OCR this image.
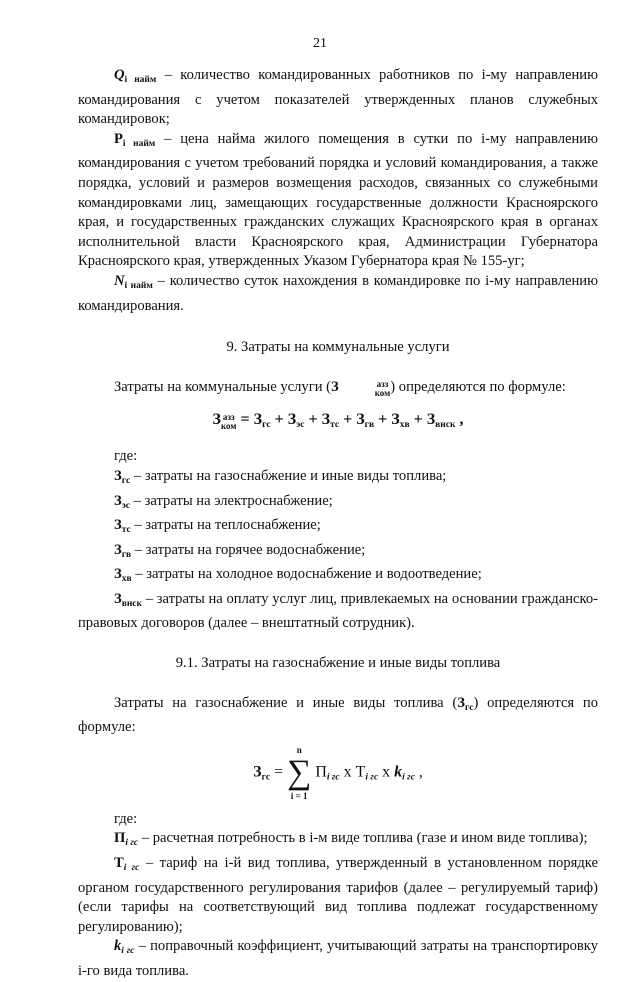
21

$Q_{i найм}$ – количество командированных работников по i-му направлению командирования с учетом показателей утвержденных планов служебных командировок;

$P_{i найм}$ – цена найма жилого помещения в сутки по i-му направлению командирования с учетом требований порядка и условий командирования, а также порядка, условий и размеров возмещения расходов, связанных со служебными командировками лиц, замещающих государственные должности Красноярского края, и государственных гражданских служащих Красноярского края в органах исполнительной власти Красноярского края, Администрации Губернатора Красноярского края, утвержденных Указом Губернатора края № 155-уг;

$N_{i найм}$ – количество суток нахождения в командировке по i-му направлению командирования.

9. Затраты на коммунальные услуги

Затраты на коммунальные услуги (З	азз
ком ) определяются по формуле:

З азз
ком = $З_{гс} + З_{эс} + З_{тс} + З_{гв} + З_{хв} + З_{внск}$ ,

где:

$З_{гс}$ – затраты на газоснабжение и иные виды топлива;

$З_{эс}$ – затраты на электроснабжение;

$З_{тс}$ – затраты на теплоснабжение;

$З_{гв}$ – затраты на горячее водоснабжение;

$З_{хв}$ – затраты на холодное водоснабжение и водоотведение;

$З_{внск}$ – затраты на оплату услуг лиц, привлекаемых на основании гражданско-правовых договоров (далее – внештатный сотрудник).

9.1. Затраты на газоснабжение и иные виды топлива

Затраты на газоснабжение и иные виды топлива $(З_{гс})$ определяются по формуле:

$З_{гс}$ =
n
∑
i = 1
$П_{i гс}$ x $Т_{i гс}$ x $k_{i гс}$ ,

где:

$П_{i гс}$ – расчетная потребность в i-м виде топлива (газе и ином виде топлива);

$Т_{i гс}$ – тариф на i-й вид топлива, утвержденный в установленном порядке органом государственного регулирования тарифов (далее – регулируемый тариф) (если тарифы на соответствующий вид топлива подлежат государственному регулированию);

$k_{i гс}$ – поправочный коэффициент, учитывающий затраты на транспортировку i-го вида топлива.
